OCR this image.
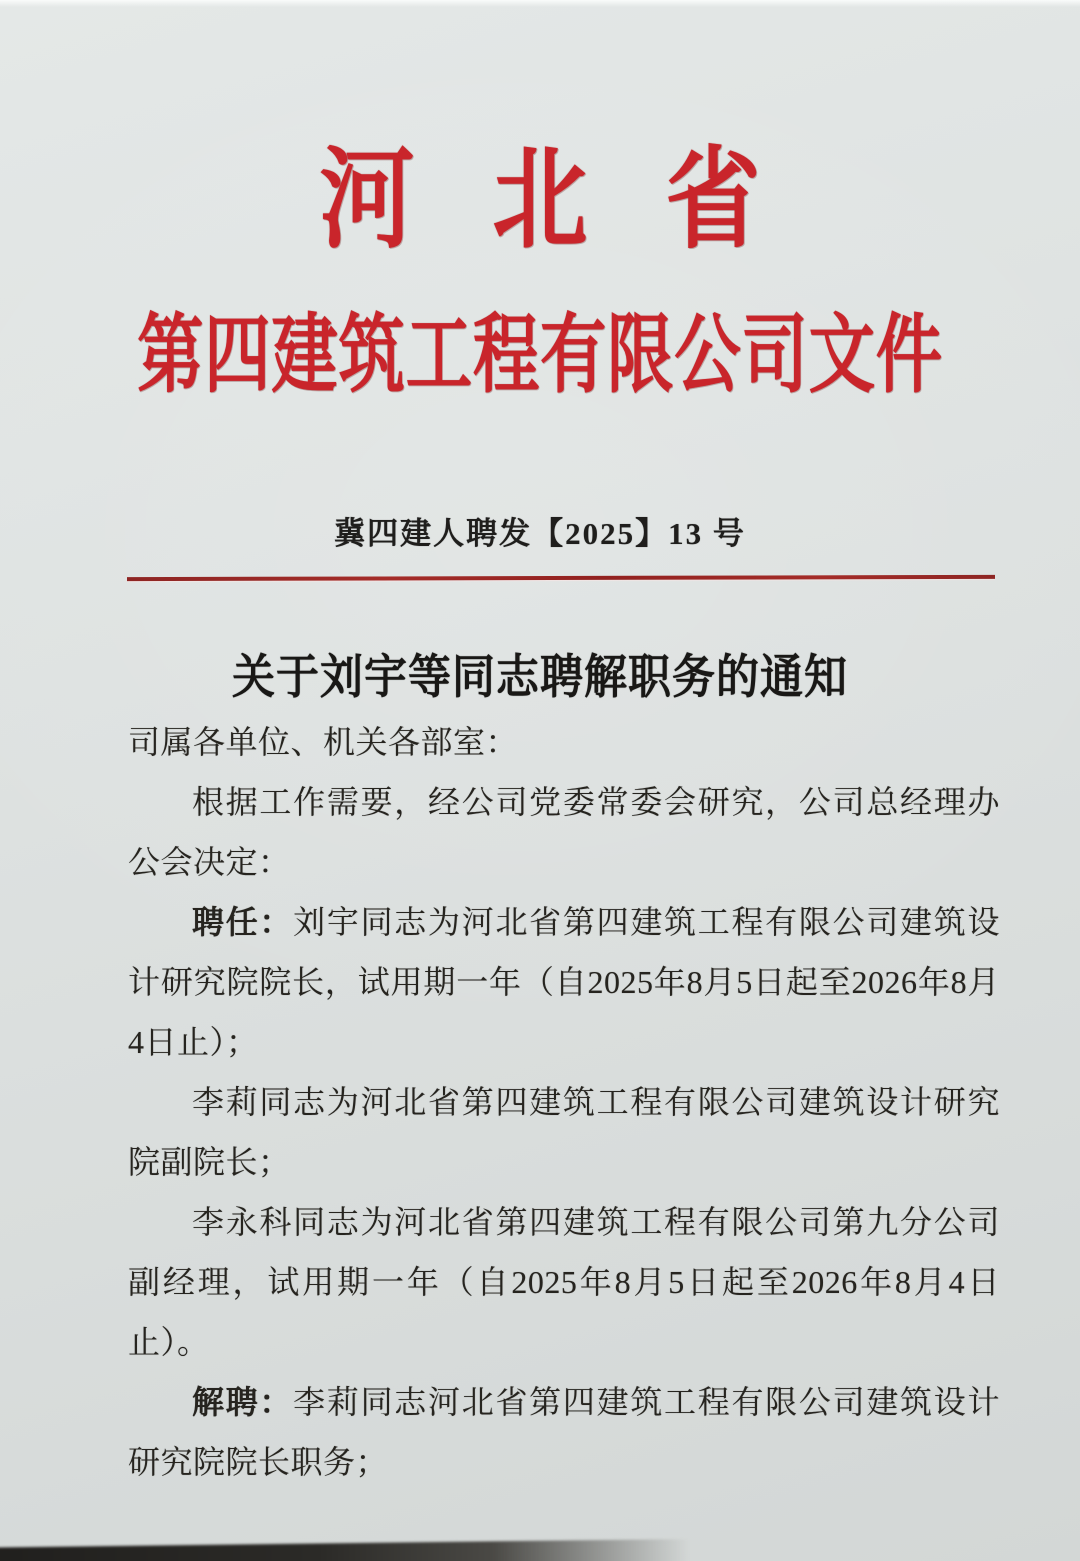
河北省
第四建筑工程有限公司文件
冀四建人聘发【2025】13 号
关于刘宇等同志聘解职务的通知

司属各单位、机关各部室：

根据工作需要，经公司党委常委会研究，公司总经理办公会决定：

聘任：刘宇同志为河北省第四建筑工程有限公司建筑设计研究院院长，试用期一年（自2025年8月5日起至2026年8月4日止）；

李莉同志为河北省第四建筑工程有限公司建筑设计研究院副院长；

李永科同志为河北省第四建筑工程有限公司第九分公司副经理，试用期一年（自2025年8月5日起至2026年8月4日止）。

解聘：李莉同志河北省第四建筑工程有限公司建筑设计研究院院长职务；
